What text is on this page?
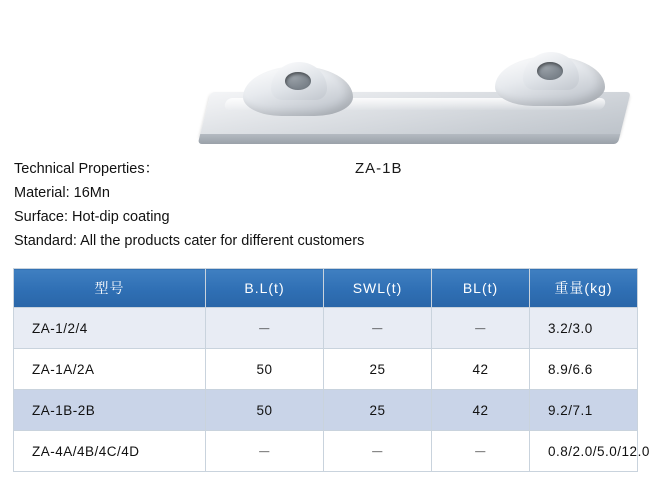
ZA-1B
Technical Properties：
Material: 16Mn
Surface: Hot-dip coating
Standard: All the products cater for different customers
型号	B.L(t)	SWL(t)	BL(t)	重量(kg)
ZA-1/2/4	－	－	－	3.2/3.0
ZA-1A/2A	50	25	42	8.9/6.6
ZA-1B-2B	50	25	42	9.2/7.1
ZA-4A/4B/4C/4D	－	－	－	0.8/2.0/5.0/12.0
